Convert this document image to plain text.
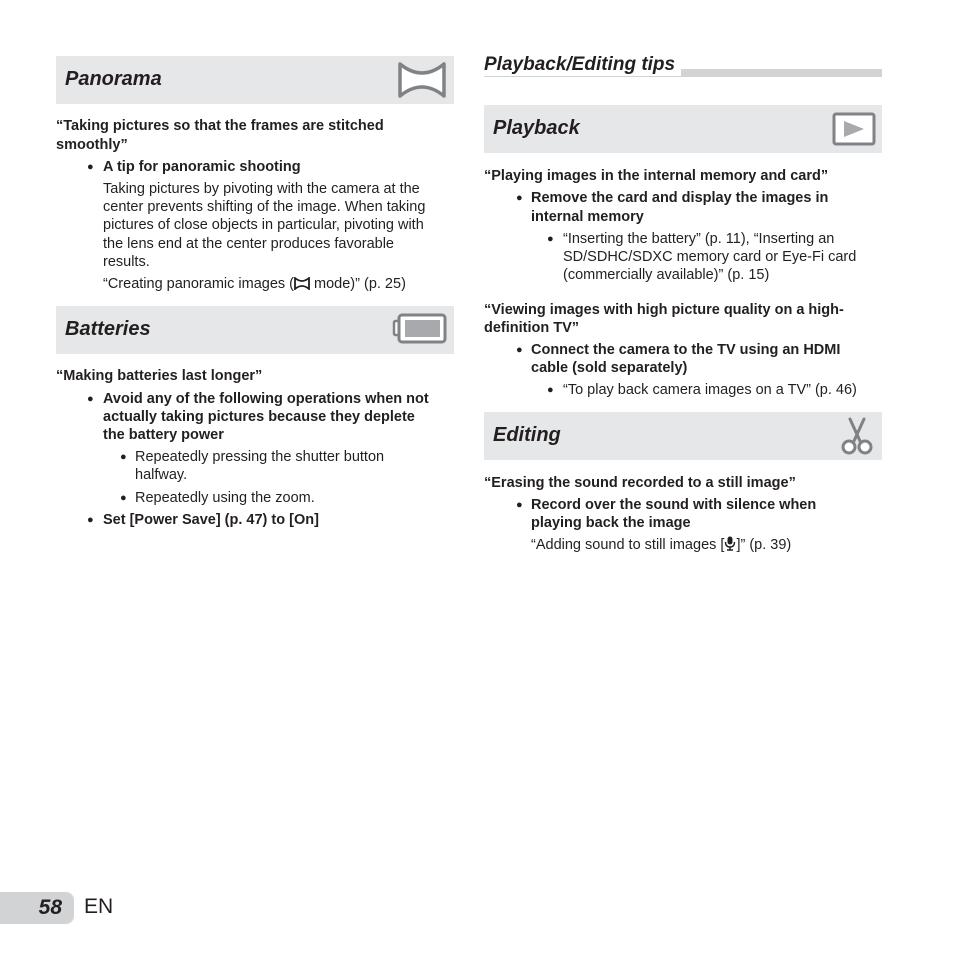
Panorama
“Taking pictures so that the frames are stitched
smoothly”
● A tip for panoramic shooting
Taking pictures by pivoting with the camera at the
center prevents shifting of the image. When taking
pictures of close objects in particular, pivoting with
the lens end at the center produces favorable
results.
“Creating panoramic images ( mode)” (p. 25)
Batteries
“Making batteries last longer”
● Avoid any of the following operations when not
actually taking pictures because they deplete
the battery power
● Repeatedly pressing the shutter button
halfway.
● Repeatedly using the zoom.
● Set [Power Save] (p. 47) to [On]
Playback/Editing tips
Playback
“Playing images in the internal memory and card”
● Remove the card and display the images in
internal memory
● “Inserting the battery” (p. 11), “Inserting an
SD/SDHC/SDXC memory card or Eye-Fi card
(commercially available)” (p. 15)
“Viewing images with high picture quality on a high-
definition TV”
● Connect the camera to the TV using an HDMI
cable (sold separately)
● “To play back camera images on a TV” (p. 46)
Editing
“Erasing the sound recorded to a still image”
● Record over the sound with silence when
playing back the image
“Adding sound to still images [ ]” (p. 39)
58 EN
